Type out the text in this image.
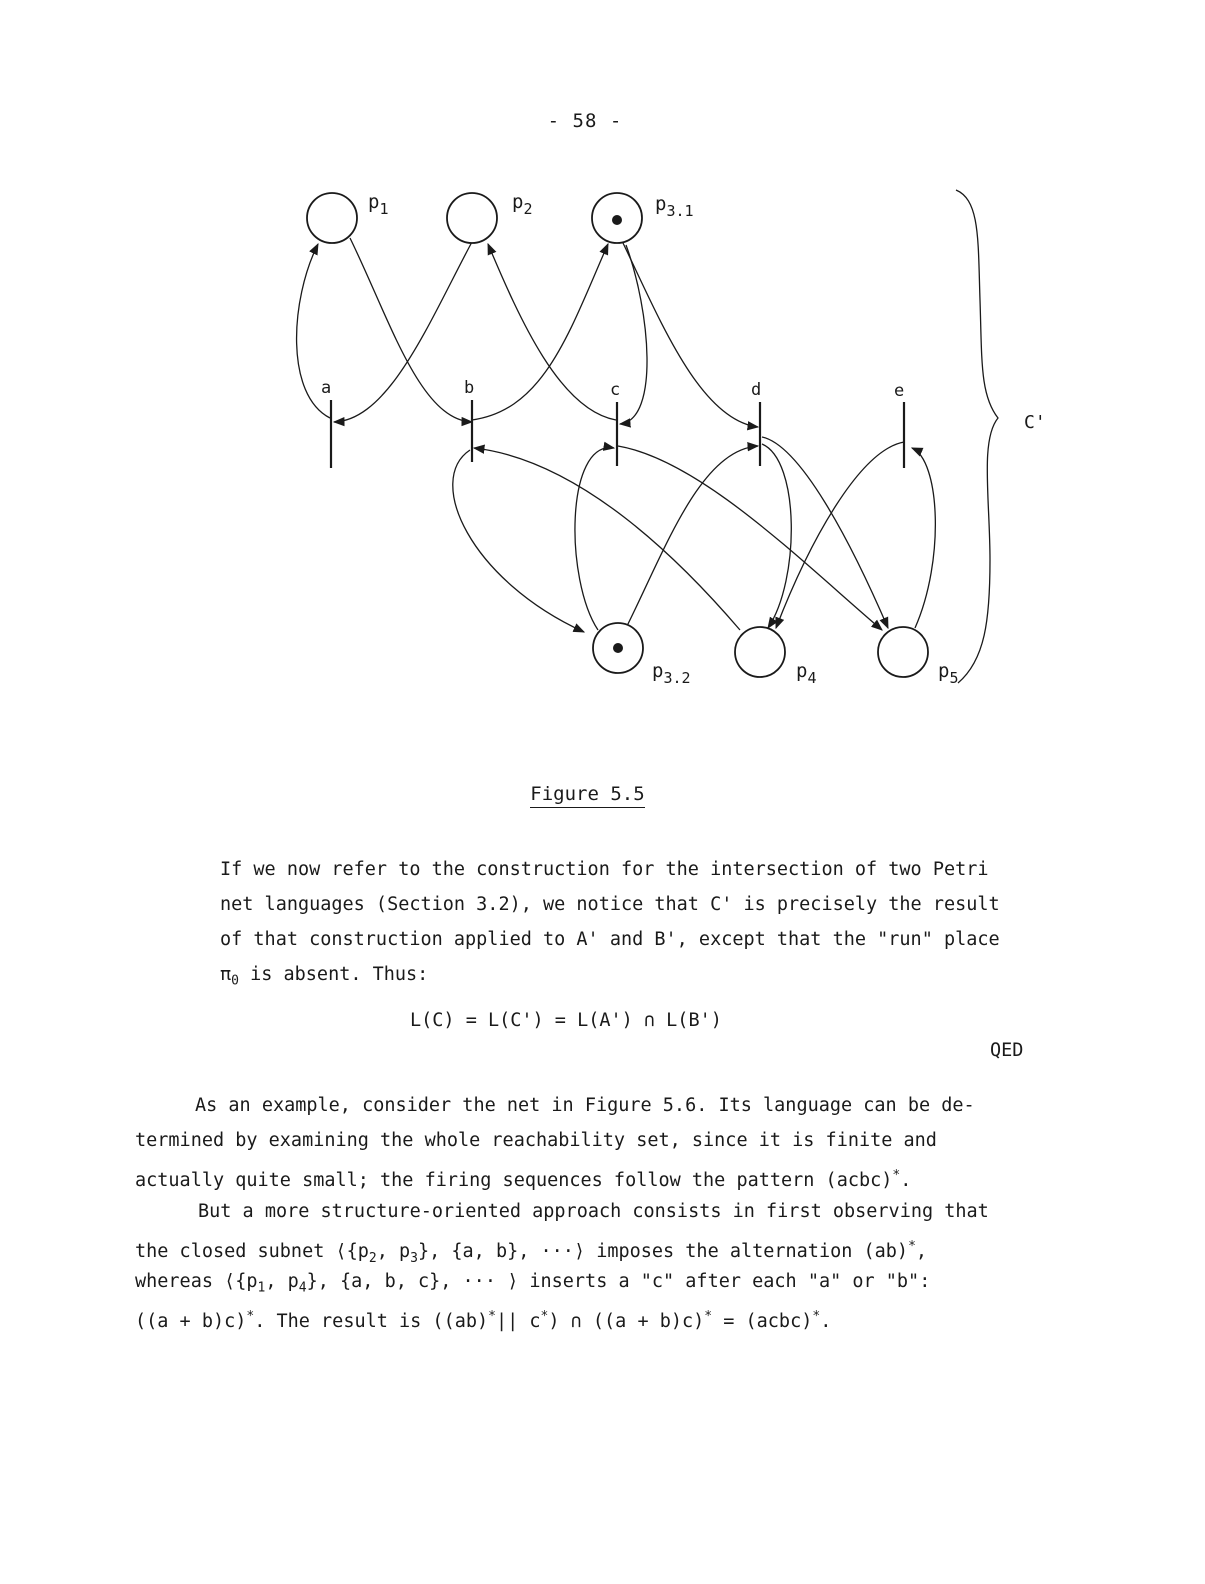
- 58 -
a	b	c	d	e
$p_1$	$p_2$	$p_{3.1}$
$p_{3.2}$	$p_4$	$p_5$
C'
Figure 5.5

If we now refer to the construction for the intersection of two Petri

net languages (Section 3.2), we notice that C' is precisely the result

of that construction applied to A' and B', except that the "run" place

$\pi_0$ is absent. Thus:

L(C) = L(C') = L(A') ∩ L(B')
QED

As an example, consider the net in Figure 5.6. Its language can be de-

termined by examining the whole reachability set, since it is finite and

actually quite small; the firing sequences follow the pattern (acbc)*.

But a more structure-oriented approach consists in first observing that

the closed subnet $⟨\{p_2$, $p_3$}, {a, b}, ···⟩ imposes the alternation (ab)*,

whereas $⟨\{p_1$, $p_4$}, {a, b, c}, ··· ⟩ inserts a "c" after each "a" or "b":

((a + b)c)*. The result is ((ab)*|| c*) ∩ ((a + b)c)* = (acbc)*.
